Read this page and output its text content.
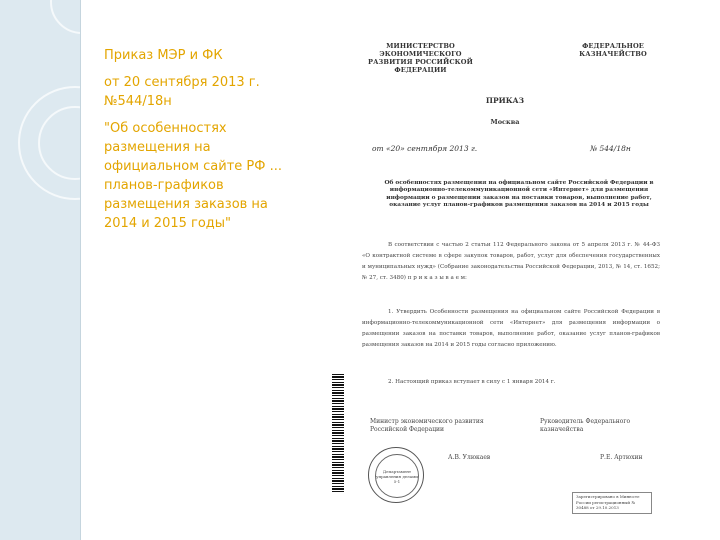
Приказ МЭР и ФК

от 20 сентября 2013 г. №544/18н

"Об особенностях размещения на официальном сайте РФ ... планов-графиков размещения заказов на 2014 и 2015 годы"

МИНИСТЕРСТВО ЭКОНОМИЧЕСКОГО РАЗВИТИЯ РОССИЙСКОЙ ФЕДЕРАЦИИ
ФЕДЕРАЛЬНОЕ КАЗНАЧЕЙСТВО
ПРИКАЗ
Москва
от «20» сентября 2013 г.	№ 544/18н
Об особенностях размещения на официальном сайте Российской Федерации в информационно-телекоммуникационной сети «Интернет» для размещения информации о размещении заказов на поставки товаров, выполнение работ, оказание услуг планов-графиков размещения заказов на 2014 и 2015 годы
В соответствии с частью 2 статьи 112 Федерального закона от 5 апреля 2013 г. № 44-ФЗ «О контрактной системе в сфере закупок товаров, работ, услуг для обеспечения государственных и муниципальных нужд» (Собрание законодательства Российской Федерации, 2013, № 14, ст. 1652; № 27, ст. 3480) п р и к а з ы в а е м:
1. Утвердить Особенности размещения на официальном сайте Российской Федерации в информационно-телекоммуникационной сети «Интернет» для размещения информации о размещении заказов на поставки товаров, выполнение работ, оказание услуг планов-графиков размещения заказов на 2014 и 2015 годы согласно приложению.
2. Настоящий приказ вступает в силу с 1 января 2014 г.
Министр экономического развития Российской Федерации
Руководитель Федерального казначейства
А.В. Улюкаев	Р.Е. Артюхин
Департамент управления делами 5-1
Зарегистрировано в Минюсте России регистрационный № 30488 от 29.10.2013
